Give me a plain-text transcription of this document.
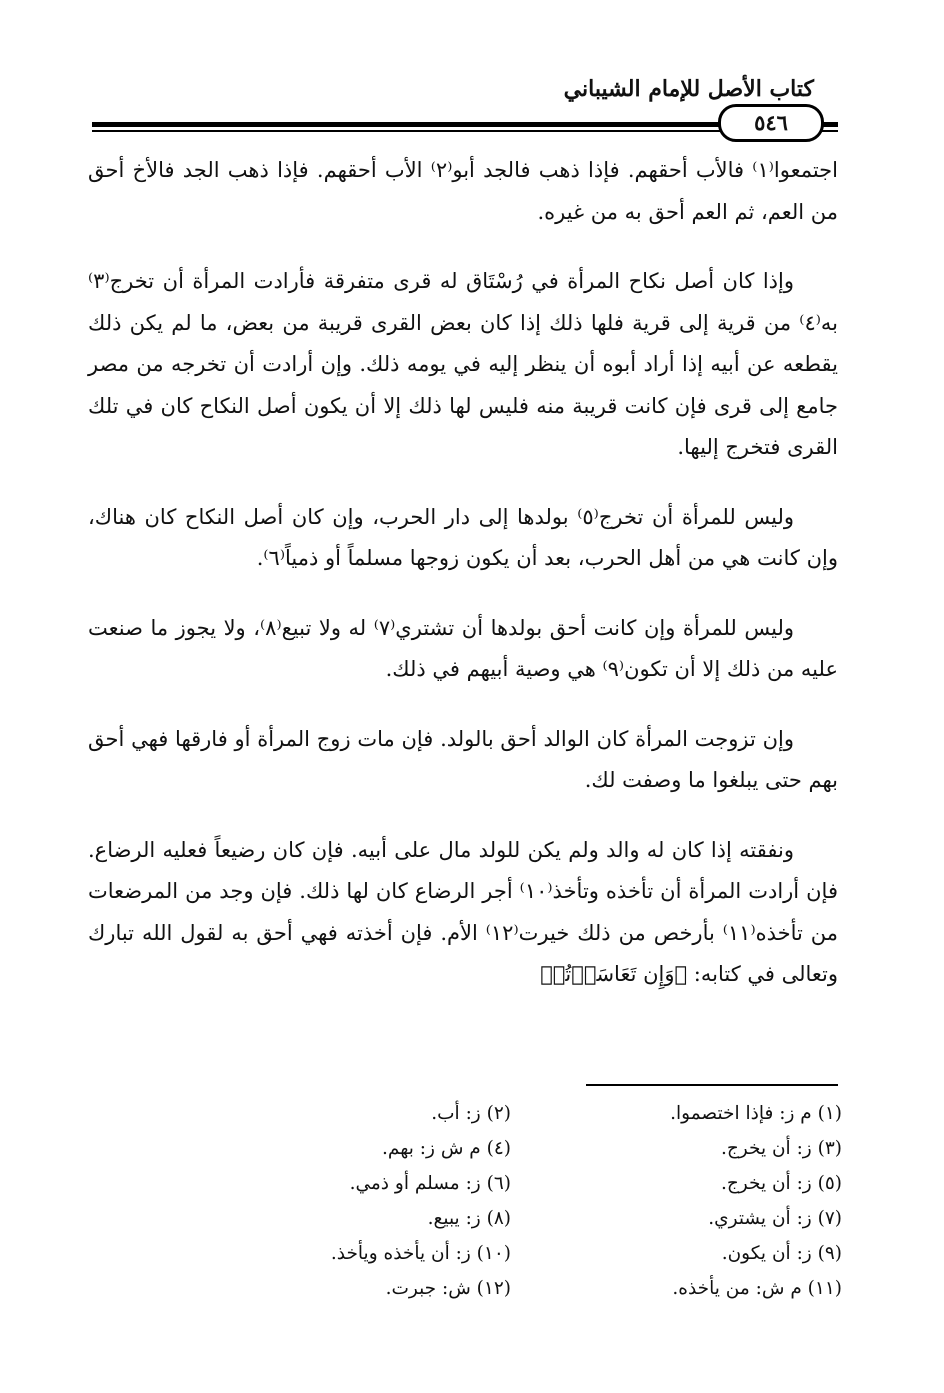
كتاب الأصل للإمام الشيباني
٥٤٦

اجتمعوا⁽١⁾ فالأب أحقهم. فإذا ذهب فالجد أبو⁽٢⁾ الأب أحقهم. فإذا ذهب الجد فالأخ أحق من العم، ثم العم أحق به من غيره.

وإذا كان أصل نكاح المرأة في رُسْتَاق له قرى متفرقة فأرادت المرأة أن تخرج⁽٣⁾ به⁽٤⁾ من قرية إلى قرية فلها ذلك إذا كان بعض القرى قريبة من بعض، ما لم يكن ذلك يقطعه عن أبيه إذا أراد أبوه أن ينظر إليه في يومه ذلك. وإن أرادت أن تخرجه من مصر جامع إلى قرى فإن كانت قريبة منه فليس لها ذلك إلا أن يكون أصل النكاح كان في تلك القرى فتخرج إليها.

وليس للمرأة أن تخرج⁽٥⁾ بولدها إلى دار الحرب، وإن كان أصل النكاح كان هناك، وإن كانت هي من أهل الحرب، بعد أن يكون زوجها مسلماً أو ذمياً⁽٦⁾.

وليس للمرأة وإن كانت أحق بولدها أن تشتري⁽٧⁾ له ولا تبيع⁽٨⁾، ولا يجوز ما صنعت عليه من ذلك إلا أن تكون⁽٩⁾ هي وصية أبيهم في ذلك.

وإن تزوجت المرأة كان الوالد أحق بالولد. فإن مات زوج المرأة أو فارقها فهي أحق بهم حتى يبلغوا ما وصفت لك.

ونفقته إذا كان له والد ولم يكن للولد مال على أبيه. فإن كان رضيعاً فعليه الرضاع. فإن أرادت المرأة أن تأخذه وتأخذ⁽١٠⁾ أجر الرضاع كان لها ذلك. فإن وجد من المرضعات من تأخذه⁽١١⁾ بأرخص من ذلك خيرت⁽١٢⁾ الأم. فإن أخذته فهي أحق به لقول الله تبارك وتعالى في كتابه: ﴿وَإِن تَعَاسَرۡتُمۡ

(١) م ز: فإذا اختصموا.
(٢) ز: أب.
(٣) ز: أن يخرج.
(٤) م ش ز: بهم.
(٥) ز: أن يخرج.
(٦) ز: مسلم أو ذمي.
(٧) ز: أن يشتري.
(٨) ز: يبيع.
(٩) ز: أن يكون.
(١٠) ز: أن يأخذه ويأخذ.
(١١) م ش: من يأخذه.
(١٢) ش: جبرت.
